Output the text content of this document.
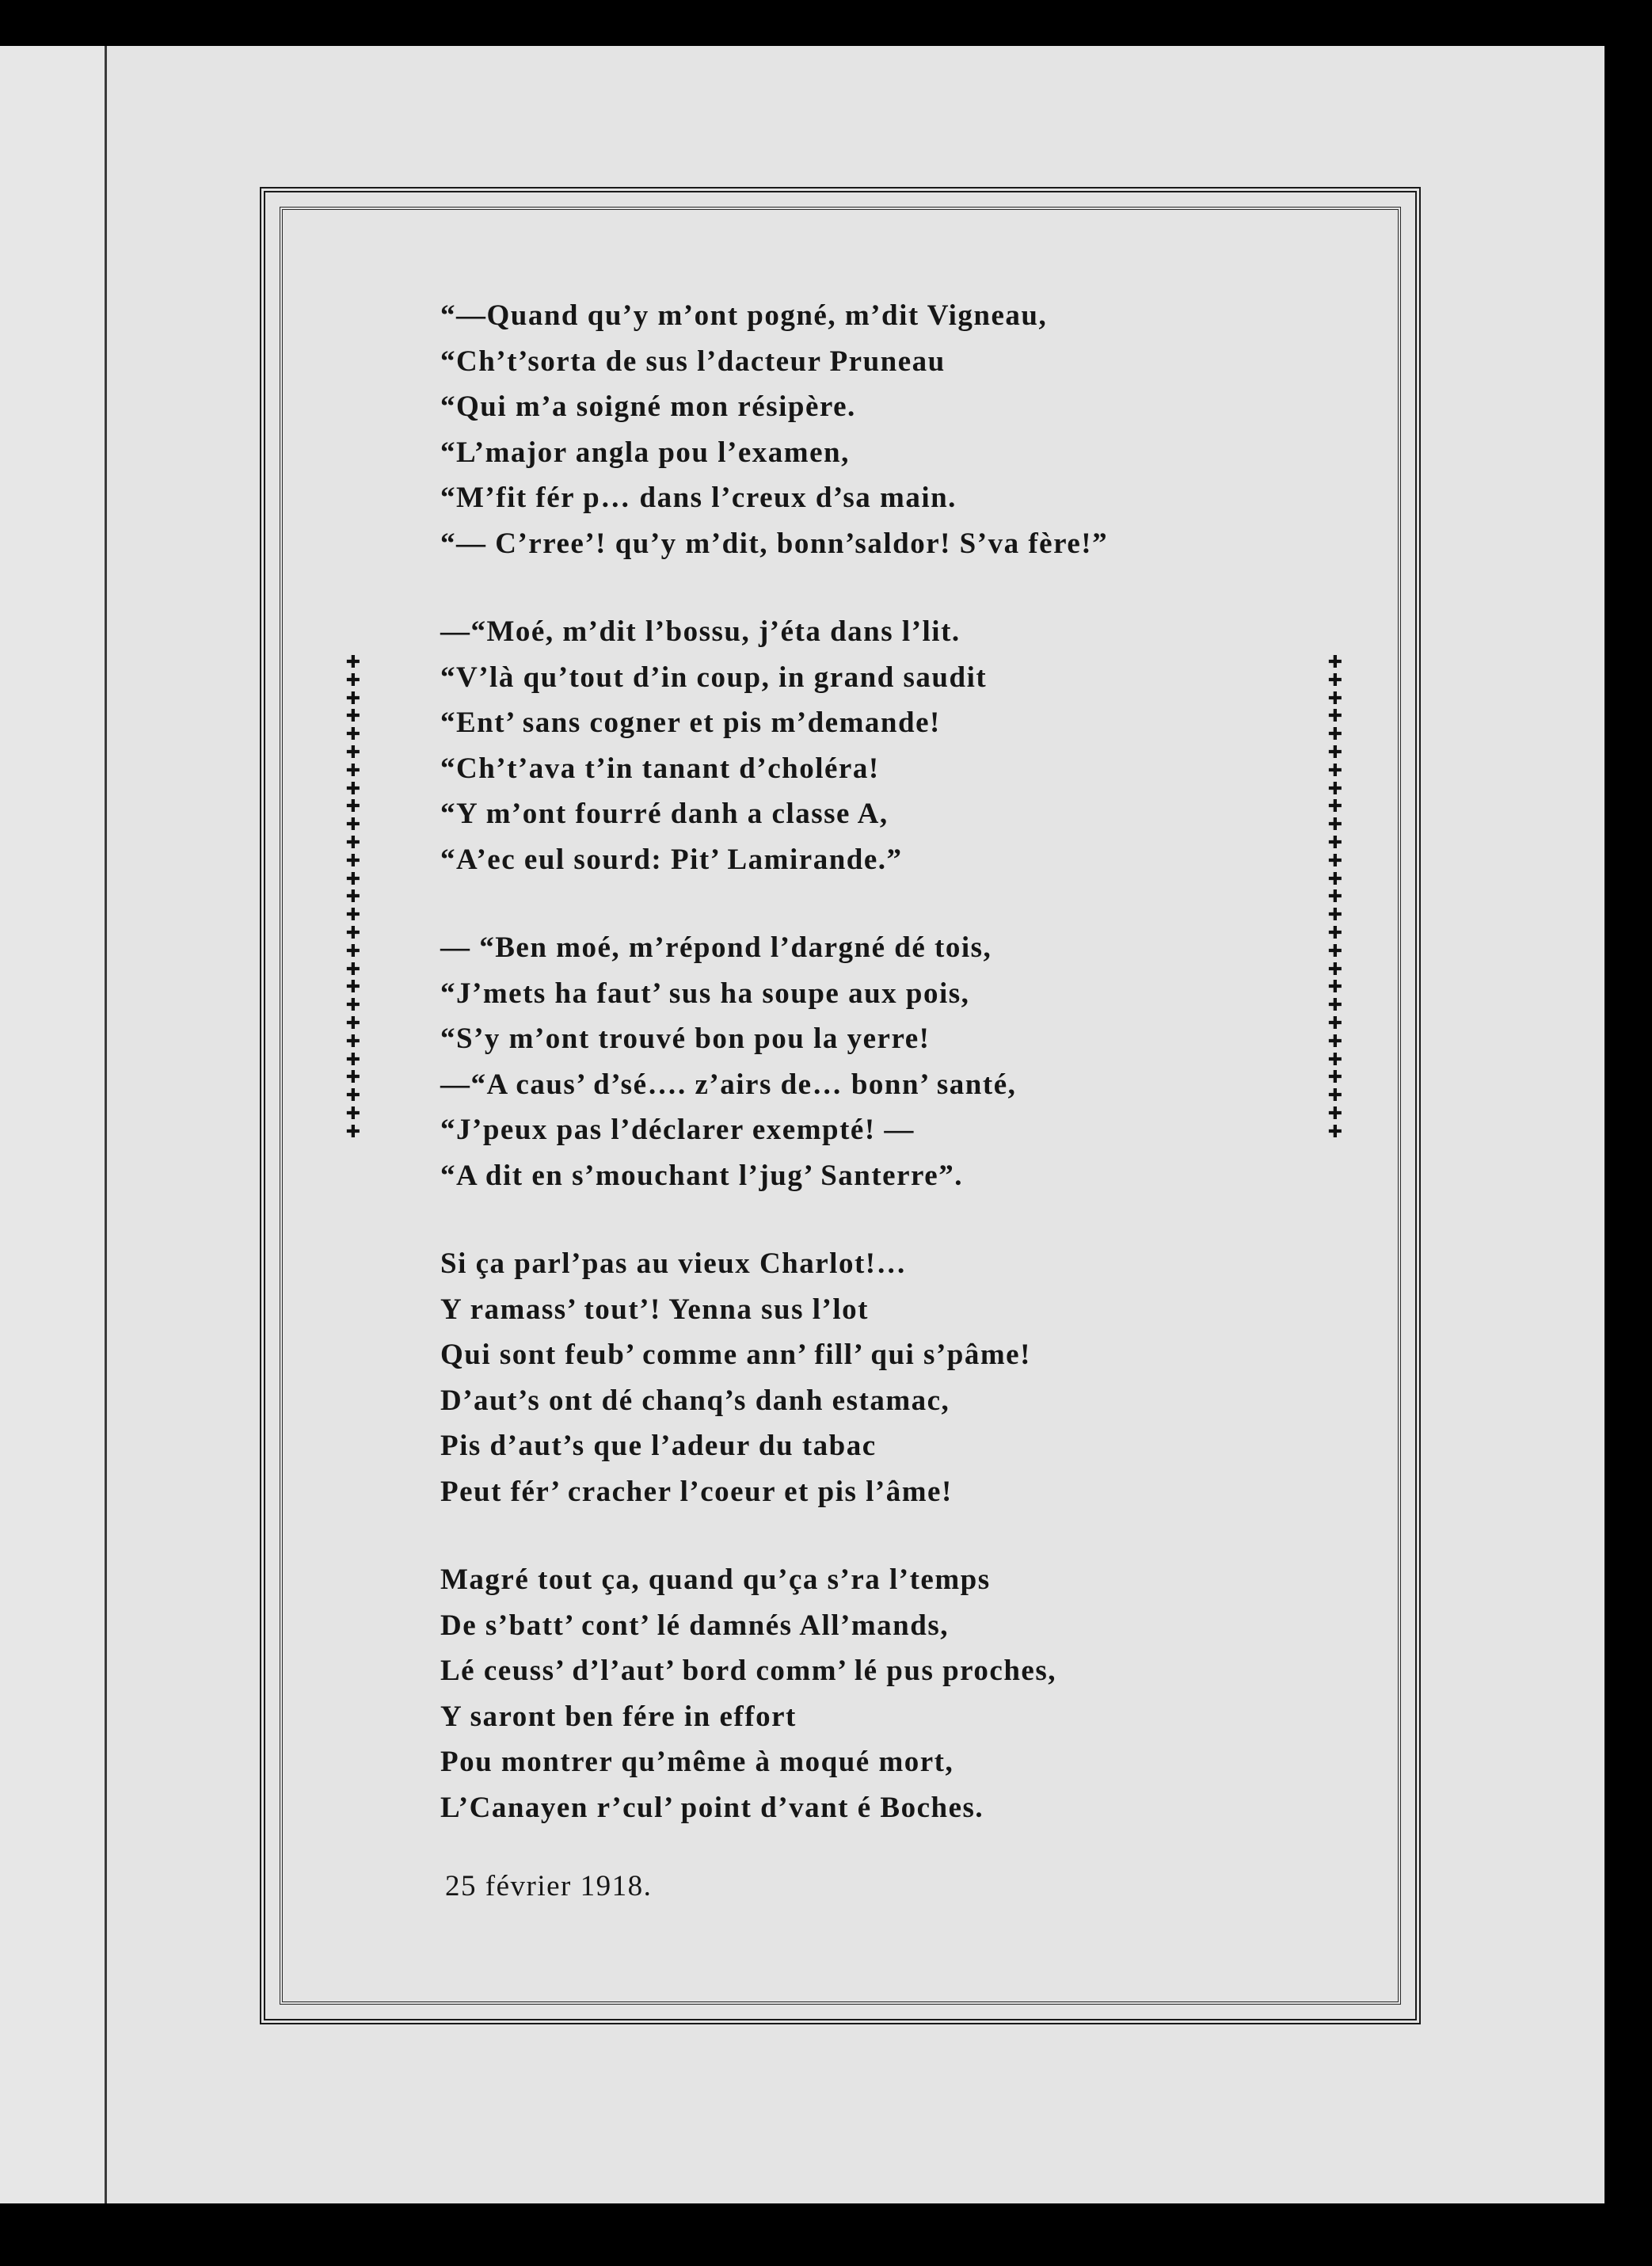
✚
✚
✚
✚
✚
✚
✚
✚
✚
✚
✚
✚
✚
✚
✚
✚
✚
✚
✚
✚
✚
✚
✚
✚
✚
✚
✚
✚
✚
✚
✚
✚
✚
✚
✚
✚
✚
✚
✚
✚
✚
✚
✚
✚
✚
✚
✚
✚
✚
✚
✚
✚
✚
✚
“—Quand qu’y m’ont pogné, m’dit Vigneau,
“Ch’t’sorta de sus l’dacteur Pruneau
“Qui m’a soigné mon résipère.
“L’major angla pou l’examen,
“M’fit fér p… dans l’creux d’sa main.
“— C’rree’! qu’y m’dit, bonn’saldor! S’va fère!”
—“Moé, m’dit l’bossu, j’éta dans l’lit.
“V’là qu’tout d’in coup, in grand saudit
“Ent’ sans cogner et pis m’demande!
“Ch’t’ava t’in tanant d’choléra!
“Y m’ont fourré danh a classe A,
“A’ec eul sourd: Pit’ Lamirande.”
— “Ben moé, m’répond l’dargné dé tois,
“J’mets ha faut’ sus ha soupe aux pois,
“S’y m’ont trouvé bon pou la yerre!
—“A caus’ d’sé…. z’airs de… bonn’ santé,
“J’peux pas l’déclarer exempté! —
“A dit en s’mouchant l’jug’ Santerre”.
Si ça parl’pas au vieux Charlot!…
Y ramass’ tout’! Yenna sus l’lot
Qui sont feub’ comme ann’ fill’ qui s’pâme!
D’aut’s ont dé chanq’s danh estamac,
Pis d’aut’s que l’adeur du tabac
Peut fér’ cracher l’coeur et pis l’âme!
Magré tout ça, quand qu’ça s’ra l’temps
De s’batt’ cont’ lé damnés All’mands,
Lé ceuss’ d’l’aut’ bord comm’ lé pus proches,
Y saront ben fére in effort
Pou montrer qu’même à moqué mort,
L’Canayen r’cul’ point d’vant é Boches.
25 février 1918.
